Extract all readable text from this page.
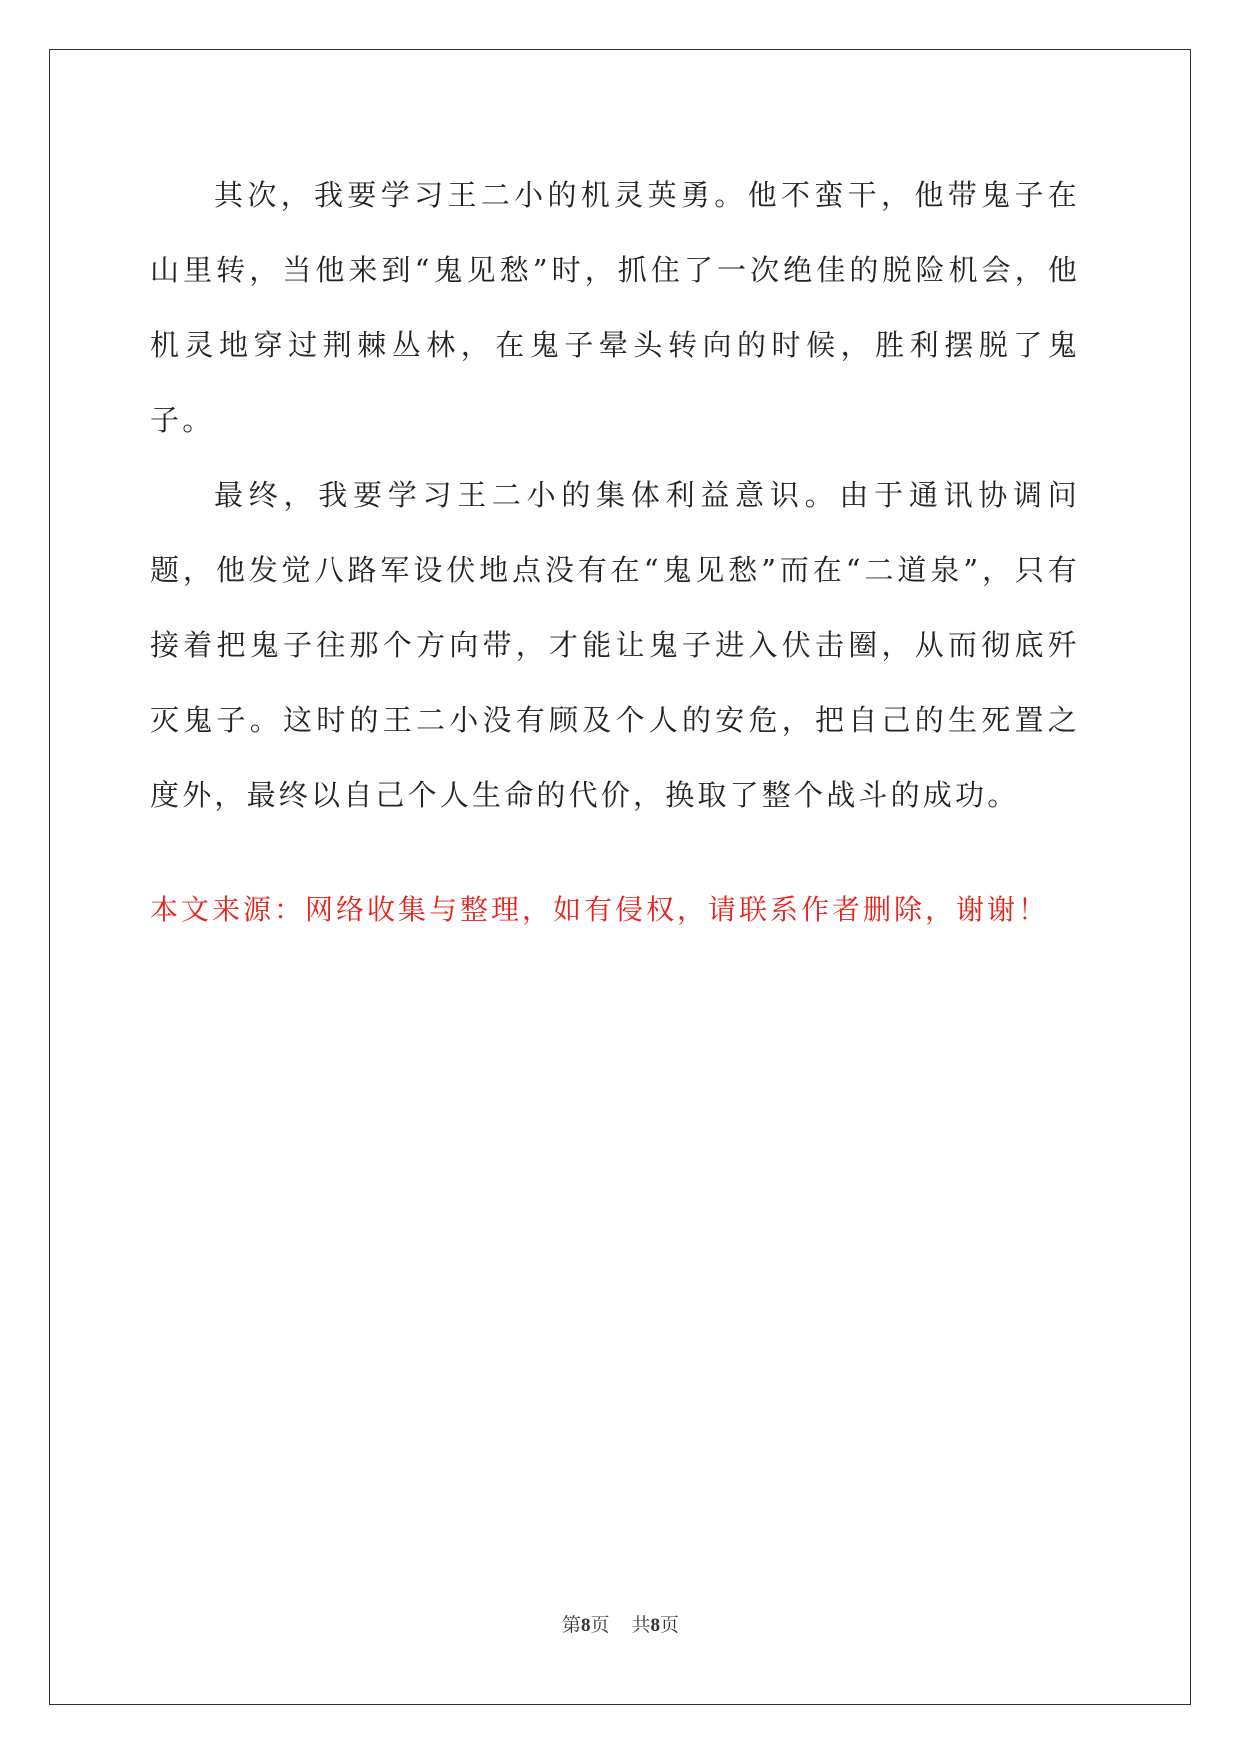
其次，我要学习王二小的机灵英勇。他不蛮干，他带鬼子在山里转，当他来到“鬼见愁”时，抓住了一次绝佳的脱险机会，他机灵地穿过荆棘丛林，在鬼子晕头转向的时候，胜利摆脱了鬼子。

最终，我要学习王二小的集体利益意识。由于通讯协调问题，他发觉八路军设伏地点没有在“鬼见愁”而在“二道泉”，只有接着把鬼子往那个方向带，才能让鬼子进入伏击圈，从而彻底歼灭鬼子。这时的王二小没有顾及个人的安危，把自己的生死置之度外，最终以自己个人生命的代价，换取了整个战斗的成功。

本文来源：网络收集与整理，如有侵权，请联系作者删除，谢谢！

第8页 共8页
